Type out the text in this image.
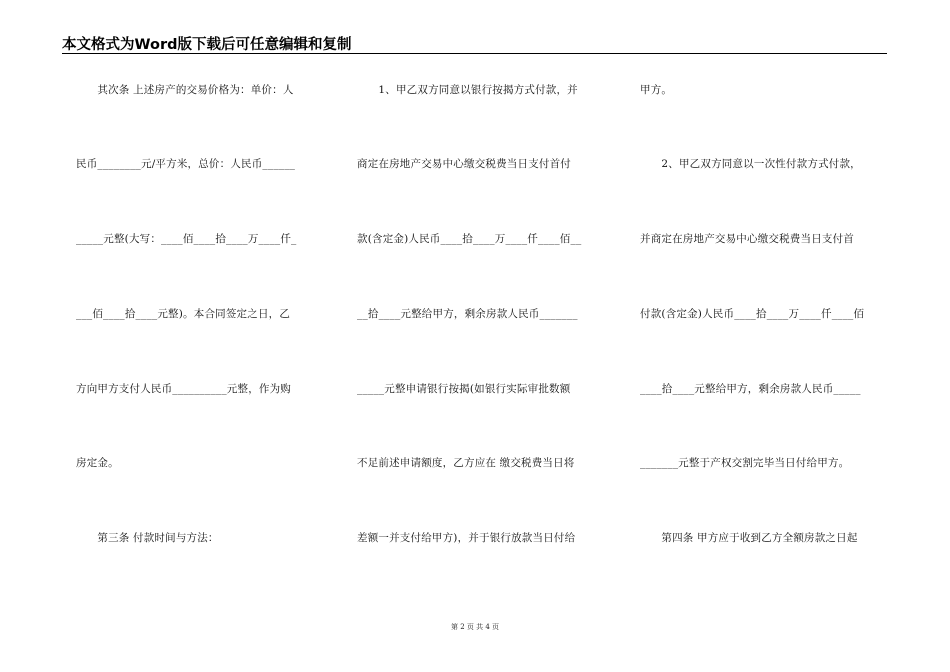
本文格式为Word版下载后可任意编辑和复制
　　其次条 上述房产的交易价格为：单价：人
民币________元/平方米，总价：人民币______
_____元整(大写：____佰____拾____万____仟_
___佰____拾____元整)。本合同签定之日，乙
方向甲方支付人民币__________元整，作为购
房定金。
　　第三条 付款时间与方法：
　　1、甲乙双方同意以银行按揭方式付款，并
商定在房地产交易中心缴交税费当日支付首付
款(含定金)人民币____拾____万____仟____佰__
__拾____元整给甲方，剩余房款人民币_______
_____元整申请银行按揭(如银行实际审批数额
不足前述申请额度，乙方应在 缴交税费当日将
差额一并支付给甲方)，并于银行放款当日付给
甲方。
　　2、甲乙双方同意以一次性付款方式付款，
并商定在房地产交易中心缴交税费当日支付首
付款(含定金)人民币____拾____万____仟____佰
____拾____元整给甲方，剩余房款人民币_____
_______元整于产权交割完毕当日付给甲方。
　　第四条 甲方应于收到乙方全额房款之日起
第 2 页 共 4 页
